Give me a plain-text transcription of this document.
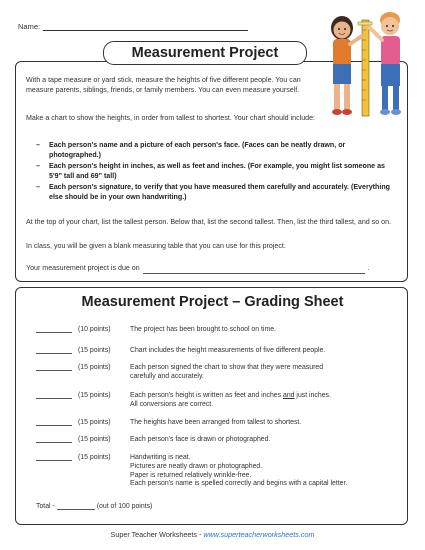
Name:
Measurement Project
With a tape measure or yard stick, measure the heights of five different people. You can measure parents, siblings, friends, or family members. You can even measure yourself.
Make a chart to show the heights, in order from tallest to shortest. Your chart should include:
– Each person's name and a picture of each person's face. (Faces can be neatly drawn, or photographed.)
– Each person's height in inches, as well as feet and inches. (For example, you might list someone as 5'9" tall and 69" tall)
– Each person's signature, to verify that you have measured them carefully and accurately. (Everything else should be in your own handwriting.)
At the top of your chart, list the tallest person. Below that, list the second tallest. Then, list the third tallest, and so on.
In class, you will be given a blank measuring table that you can use for this project.
Your measurement project is due on	.
Measurement Project – Grading Sheet
(10 points)	The project has been brought to school on time.
(15 points)	Chart includes the height measurements of five different people.
(15 points)	Each person signed the chart to show that they were measured
carefully and accurately.
(15 points)	Each person's height is written as feet and inches and just inches.
All conversions are correct.
(15 points)	The heights have been arranged from tallest to shortest.
(15 points)	Each person's face is drawn or photographed.
(15 points)	Handwriting is neat.
Pictures are neatly drawn or photographed.
Paper is returned relatively wrinkle-free.
Each person's name is spelled correctly and begins with a capital letter.
Total -	(out of 100 points)
Super Teacher Worksheets - www.superteacherworksheets.com
